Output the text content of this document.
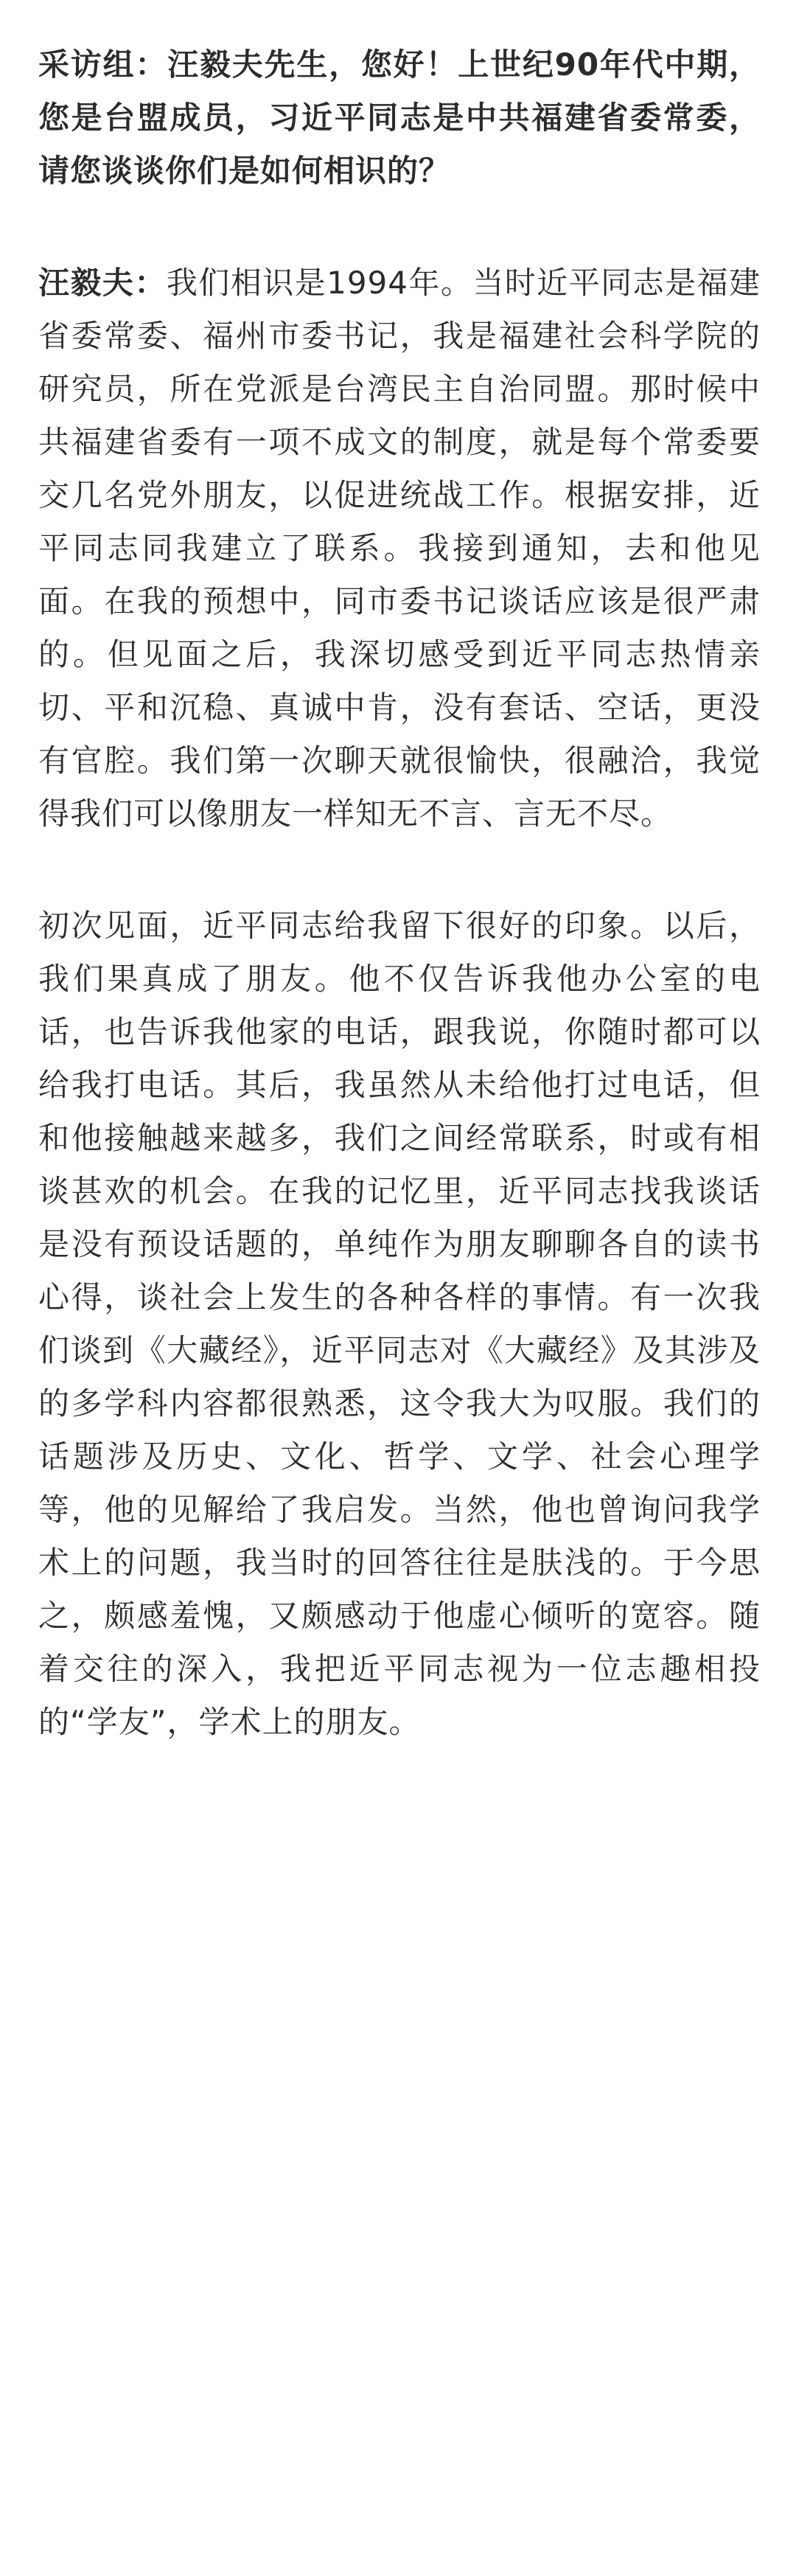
采访组：汪毅夫先生，您好！上世纪90年代中期，您是台盟成员，习近平同志是中共福建省委常委，请您谈谈你们是如何相识的？

汪毅夫：我们相识是1994年。当时近平同志是福建省委常委、福州市委书记，我是福建社会科学院的研究员，所在党派是台湾民主自治同盟。那时候中共福建省委有一项不成文的制度，就是每个常委要交几名党外朋友，以促进统战工作。根据安排，近平同志同我建立了联系。我接到通知，去和他见面。在我的预想中，同市委书记谈话应该是很严肃的。但见面之后，我深切感受到近平同志热情亲切、平和沉稳、真诚中肯，没有套话、空话，更没有官腔。我们第一次聊天就很愉快，很融洽，我觉得我们可以像朋友一样知无不言、言无不尽。

初次见面，近平同志给我留下很好的印象。以后，我们果真成了朋友。他不仅告诉我他办公室的电话，也告诉我他家的电话，跟我说，你随时都可以给我打电话。其后，我虽然从未给他打过电话，但和他接触越来越多，我们之间经常联系，时或有相谈甚欢的机会。在我的记忆里，近平同志找我谈话是没有预设话题的，单纯作为朋友聊聊各自的读书心得，谈社会上发生的各种各样的事情。有一次我们谈到《大藏经》，近平同志对《大藏经》及其涉及的多学科内容都很熟悉，这令我大为叹服。我们的话题涉及历史、文化、哲学、文学、社会心理学等，他的见解给了我启发。当然，他也曾询问我学术上的问题，我当时的回答往往是肤浅的。于今思之，颇感羞愧，又颇感动于他虚心倾听的宽容。随着交往的深入，我把近平同志视为一位志趣相投的“学友”，学术上的朋友。
